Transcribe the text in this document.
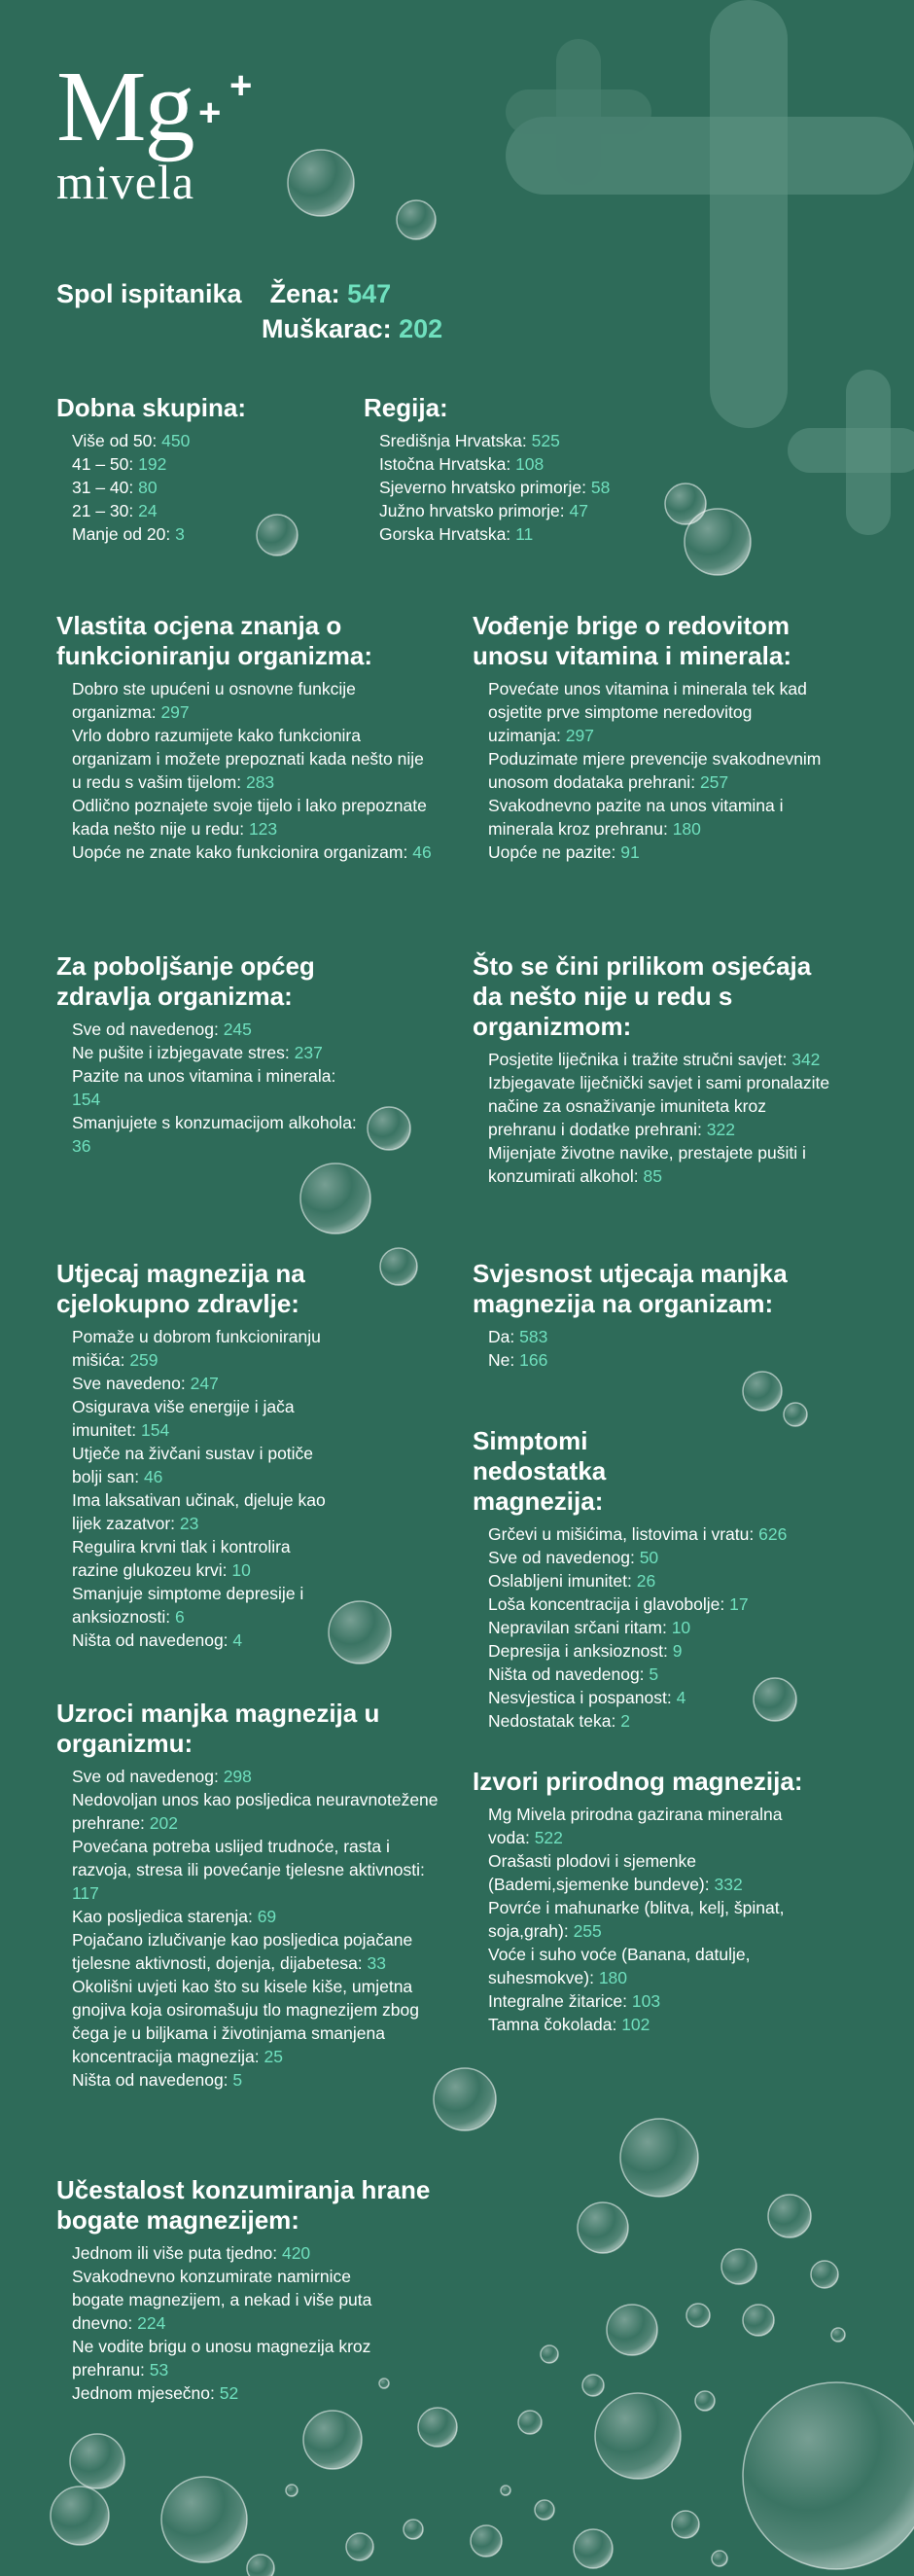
Mg +
+
mivela
Spol ispitanika Žena: 547
Muškarac: 202
Dobna skupina:
Više od 50: 450
41 – 50: 192
31 – 40: 80
21 – 30: 24
Manje od 20: 3
Regija:
Središnja Hrvatska: 525
Istočna Hrvatska: 108
Sjeverno hrvatsko primorje: 58
Južno hrvatsko primorje: 47
Gorska Hrvatska: 11
Vlastita ocjena znanja o funkcioniranju organizma:
Dobro ste upućeni u osnovne funkcije organizma: 297
Vrlo dobro razumijete kako funkcionira organizam i možete prepoznati kada nešto nije u redu s vašim tijelom: 283
Odlično poznajete svoje tijelo i lako prepoznate kada nešto nije u redu: 123
Uopće ne znate kako funkcionira organizam: 46
Vođenje brige o redovitom unosu vitamina i minerala:
Povećate unos vitamina i minerala tek kad osjetite prve simptome neredovitog uzimanja: 297
Poduzimate mjere prevencije svakodnevnim unosom dodataka prehrani: 257
Svakodnevno pazite na unos vitamina i minerala kroz prehranu: 180
Uopće ne pazite: 91
Za poboljšanje općeg zdravlja organizma:
Sve od navedenog: 245
Ne pušite i izbjegavate stres: 237
Pazite na unos vitamina i minerala: 154
Smanjujete s konzumacijom alkohola: 36
Što se čini prilikom osjećaja da nešto nije u redu s organizmom:
Posjetite liječnika i tražite stručni savjet: 342
Izbjegavate liječnički savjet i sami pronalazite načine za osnaživanje imuniteta kroz prehranu i dodatke prehrani: 322
Mijenjate životne navike, prestajete pušiti i konzumirati alkohol: 85
Utjecaj magnezija na cjelokupno zdravlje:
Pomaže u dobrom funkcioniranju mišića: 259
Sve navedeno: 247
Osigurava više energije i jača imunitet: 154
Utječe na živčani sustav i potiče bolji san: 46
Ima laksativan učinak, djeluje kao lijek zazatvor: 23
Regulira krvni tlak i kontrolira razine glukozeu krvi: 10
Smanjuje simptome depresije i anksioznosti: 6
Ništa od navedenog: 4
Svjesnost utjecaja manjka magnezija na organizam:
Da: 583
Ne: 166
Simptomi nedostatka magnezija:
Grčevi u mišićima, listovima i vratu: 626
Sve od navedenog: 50
Oslabljeni imunitet: 26
Loša koncentracija i glavobolje: 17
Nepravilan srčani ritam: 10
Depresija i anksioznost: 9
Ništa od navedenog: 5
Nesvjestica i pospanost: 4
Nedostatak teka: 2
Uzroci manjka magnezija u organizmu:
Sve od navedenog: 298
Nedovoljan unos kao posljedica neuravnotežene prehrane: 202
Povećana potreba uslijed trudnoće, rasta i razvoja, stresa ili povećanje tjelesne aktivnosti: 117
Kao posljedica starenja: 69
Pojačano izlučivanje kao posljedica pojačane tjelesne aktivnosti, dojenja, dijabetesa: 33
Okolišni uvjeti kao što su kisele kiše, umjetna gnojiva koja osiromašuju tlo magnezijem zbog čega je u biljkama i životinjama smanjena koncentracija magnezija: 25
Ništa od navedenog: 5
Izvori prirodnog magnezija:
Mg Mivela prirodna gazirana mineralna voda: 522
Orašasti plodovi i sjemenke (Bademi,sjemenke bundeve): 332
Povrće i mahunarke (blitva, kelj, špinat, soja,grah): 255
Voće i suho voće (Banana, datulje, suhesmokve): 180
Integralne žitarice: 103
Tamna čokolada: 102
Učestalost konzumiranja hrane bogate magnezijem:
Jednom ili više puta tjedno: 420
Svakodnevno konzumirate namirnice bogate magnezijem, a nekad i više puta dnevno: 224
Ne vodite brigu o unosu magnezija kroz prehranu: 53
Jednom mjesečno: 52
